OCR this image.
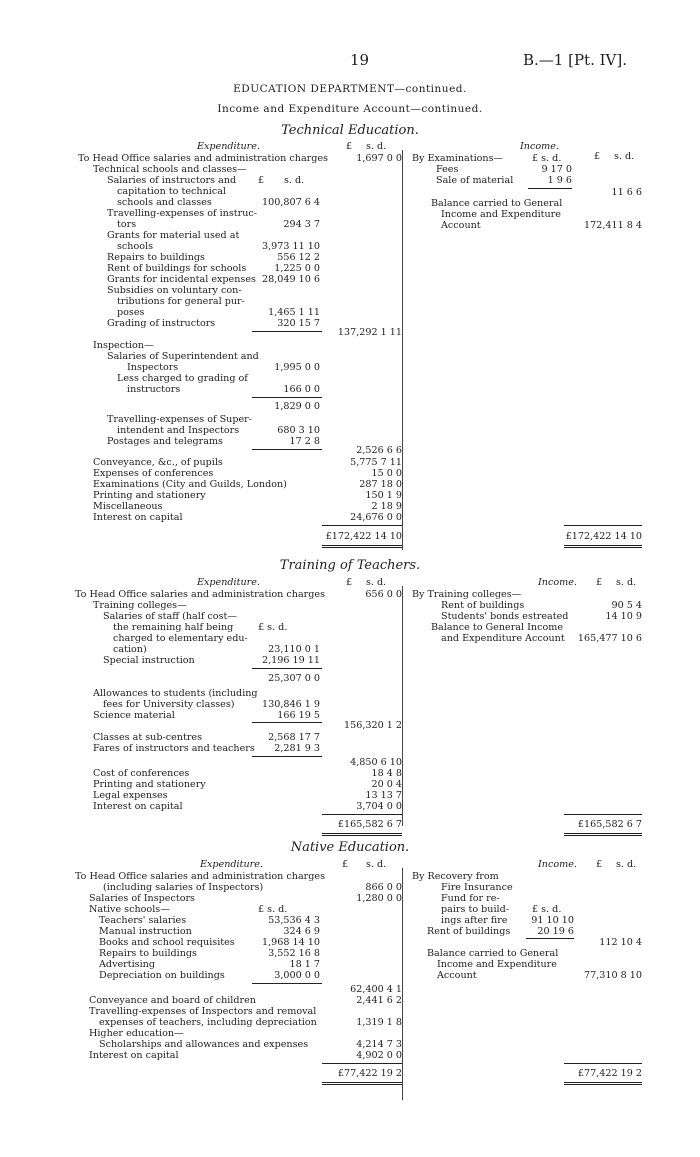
19	B.—1 [Pt. IV].
EDUCATION DEPARTMENT—continued.
Income and Expenditure Account—continued.
Technical Education.
Expenditure.	£ s. d.	Income.
£ s. d.
To Head Office salaries and administration charges	1,697 0 0
Technical schools and classes—
Salaries of instructors and £ s. d.
capitation to technical
schools and classes	100,807 6 4
Travelling-expenses of instruc-
tors	294 3 7
Grants for material used at
schools	3,973 11 10
Repairs to buildings	556 12 2
Rent of buildings for schools	1,225 0 0
Grants for incidental expenses 28,049 10 6
Subsidies on voluntary con-
tributions for general pur-
poses	1,465 1 11
Grading of instructors	320 15 7
137,292 1 11
Inspection—
Salaries of Superintendent and
Inspectors	1,995 0 0
Less charged to grading of
instructors	166 0 0
1,829 0 0
Travelling-expenses of Super-
intendent and Inspectors	680 3 10
Postages and telegrams	17 2 8
2,526 6 6
Conveyance, &c., of pupils	5,775 7 11
Expenses of conferences	15 0 0
Examinations (City and Guilds, London)	287 18 0
Printing and stationery	150 1 9
Miscellaneous	2 18 9
Interest on capital	24,676 0 0
£172,422 14 10
By Examinations—	£ s. d.
Fees	9 17 0
Sale of material	1 9 6
11 6 6
Balance carried to General
Income and Expenditure
Account	172,411 8 4
£172,422 14 10
Training of Teachers.
Expenditure.	£ s. d.	Income. £ s. d.
To Head Office salaries and administration charges	656 0 0
Training colleges—
Salaries of staff (half cost—
the remaining half being	£ s. d.
charged to elementary edu-
cation)	23,110 0 1
Special instruction	2,196 19 11
25,307 0 0
Allowances to students (including
fees for University classes)	130,846 1 9
Science material	166 19 5
156,320 1 2
Classes at sub-centres	2,568 17 7
Fares of instructors and teachers	2,281 9 3
4,850 6 10
Cost of conferences	18 4 8
Printing and stationery	20 0 4
Legal expenses	13 13 7
Interest on capital	3,704 0 0
£165,582 6 7
By Training colleges—
Rent of buildings	90 5 4
Students' bonds estreated	14 10 9
Balance to General Income
and Expenditure Account	165,477 10 6
£165,582 6 7
Native Education.
Expenditure.	£ s. d.	Income. £ s. d.
To Head Office salaries and administration charges
(including salaries of Inspectors)	866 0 0
Salaries of Inspectors	1,280 0 0
Native schools—	£ s. d.
Teachers' salaries	53,536 4 3
Manual instruction	324 6 9
Books and school requisites	1,968 14 10
Repairs to buildings	3,552 16 8
Advertising	18 1 7
Depreciation on buildings	3,000 0 0
62,400 4 1
Conveyance and board of children	2,441 6 2
Travelling-expenses of Inspectors and removal
expenses of teachers, including depreciation	1,319 1 8
Higher education—
Scholarships and allowances and expenses	4,214 7 3
Interest on capital	4,902 0 0
£77,422 19 2
By Recovery from
Fire Insurance
Fund for re-
pairs to build- £ s. d.
ings after fire	91 10 10
Rent of buildings	20 19 6
112 10 4
Balance carried to General
Income and Expenditure
Account	77,310 8 10
£77,422 19 2
